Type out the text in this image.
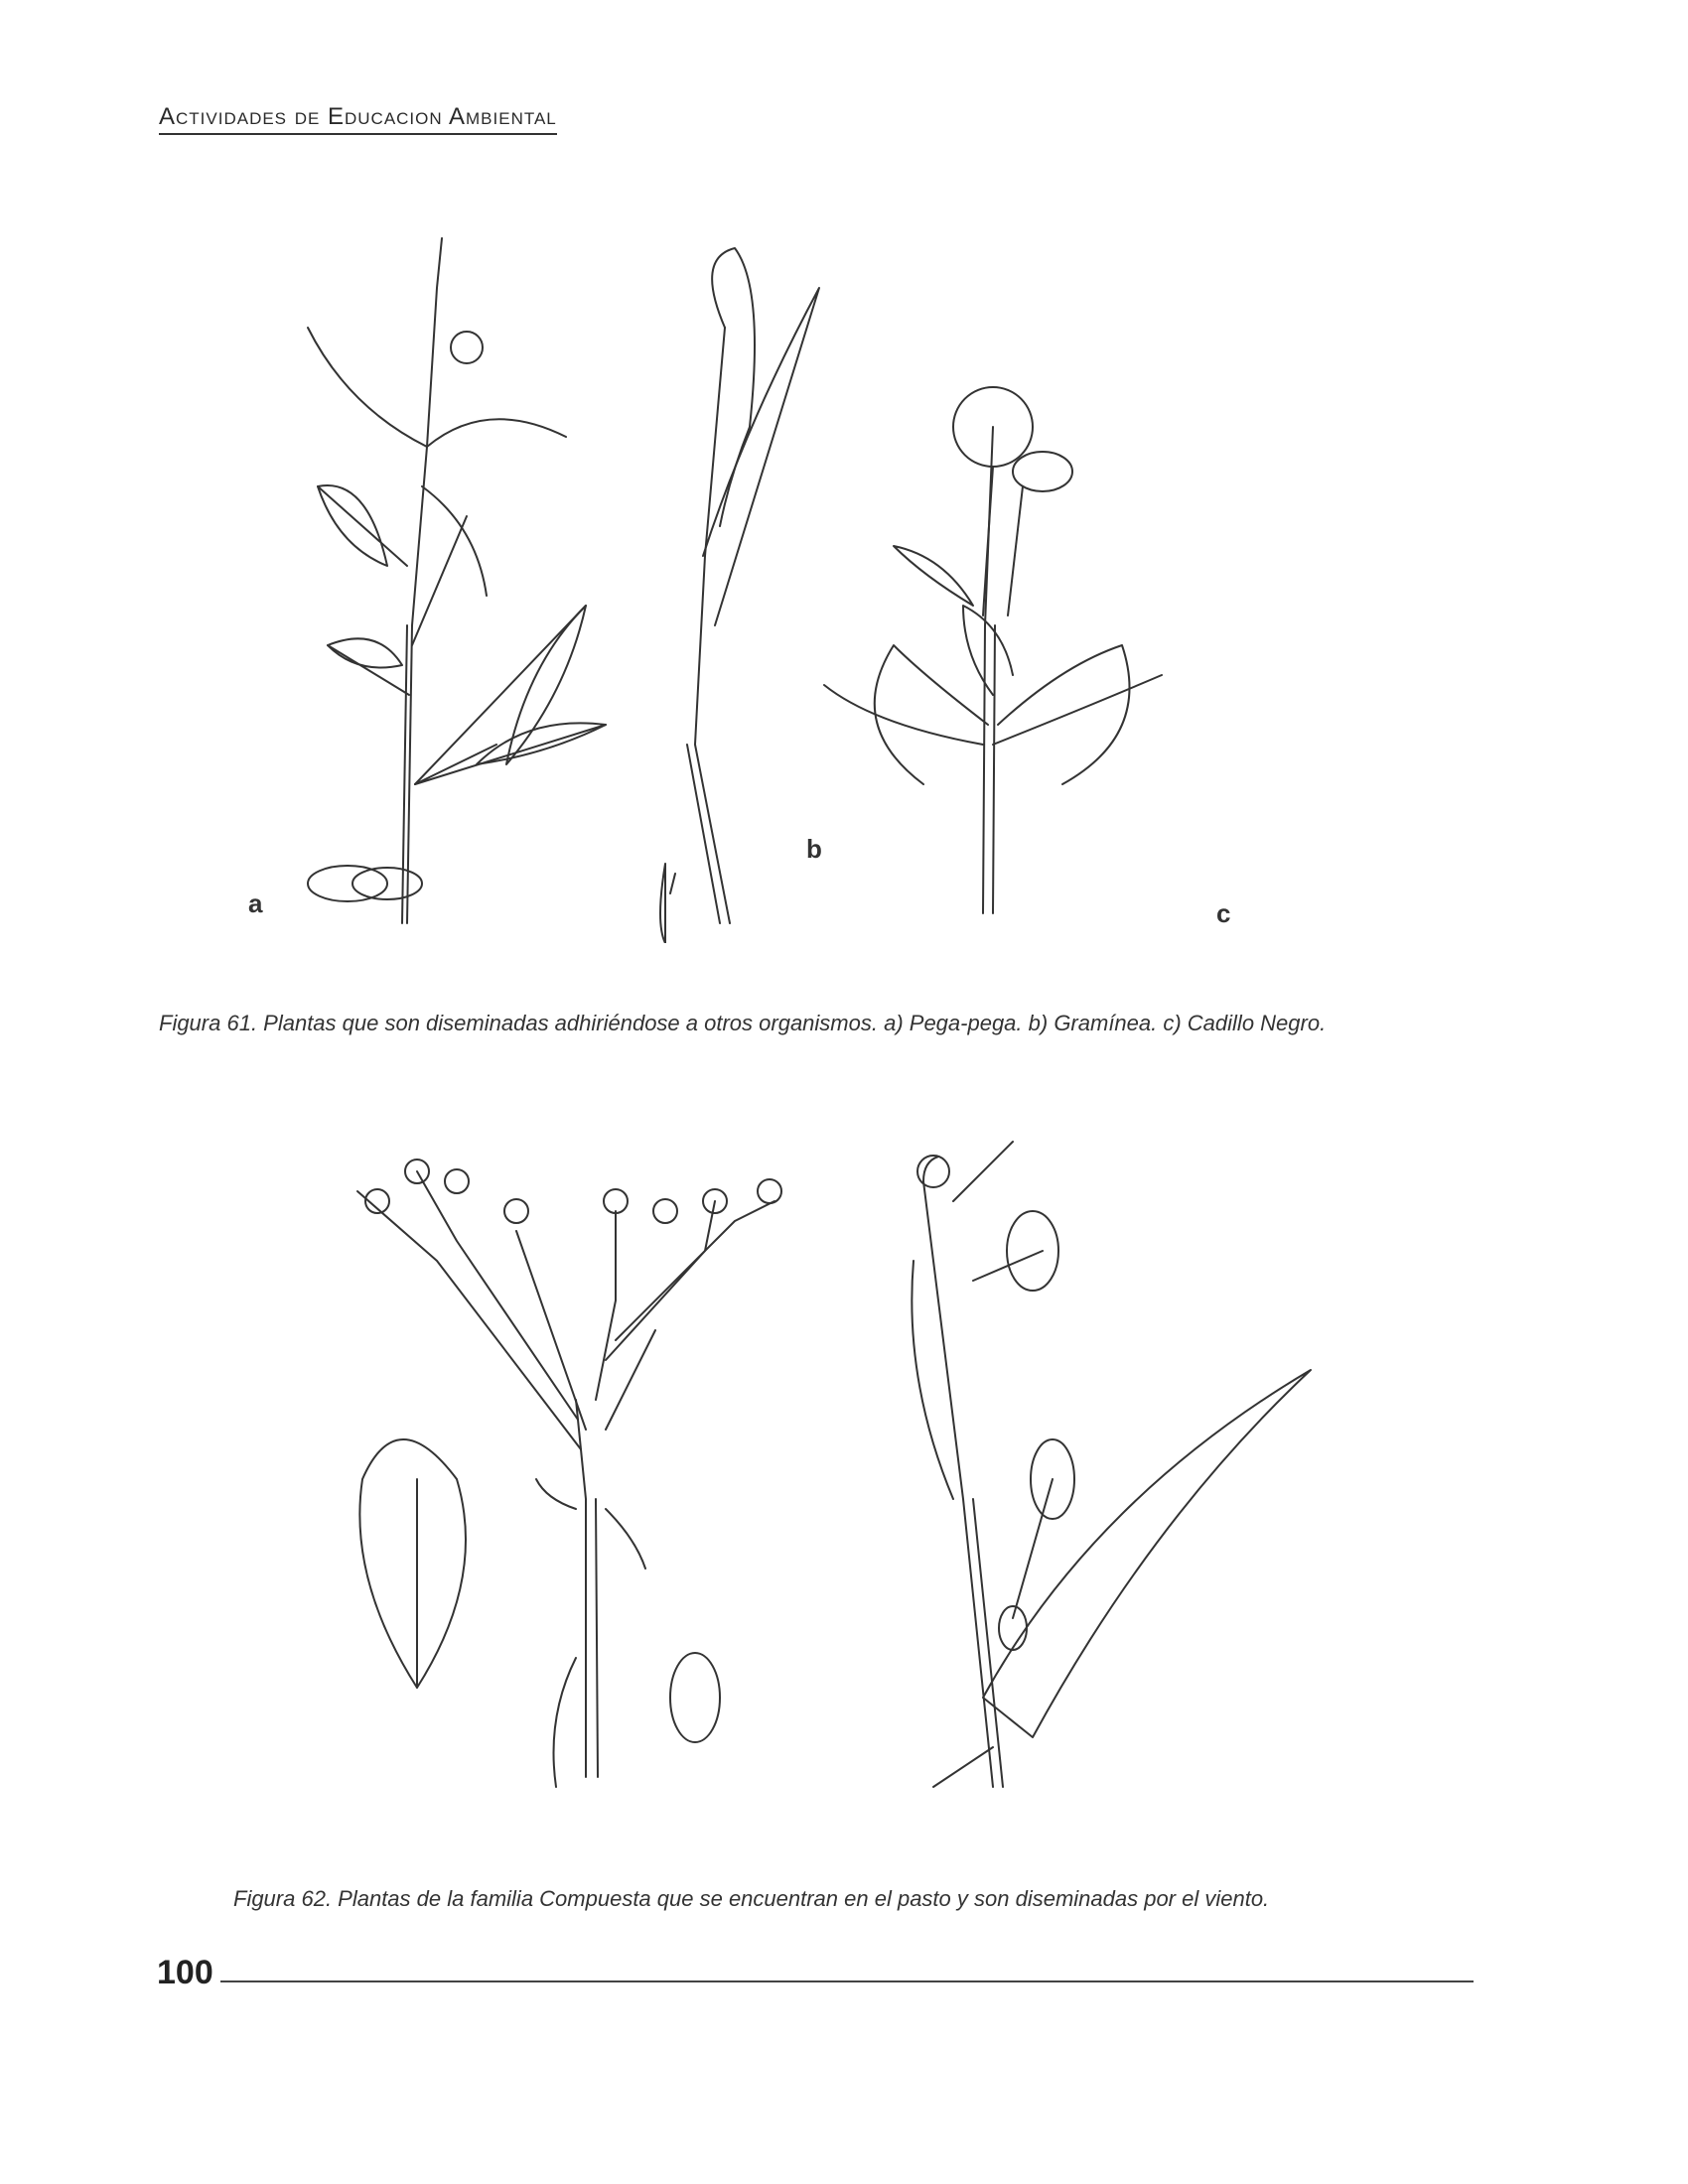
Actividades de Educacion Ambiental
a
b
c
Figura 61. Plantas que son diseminadas adhiriéndose a otros organismos. a) Pega-pega. b) Gramínea. c) Cadillo Negro.
Figura 62. Plantas de la familia Compuesta que se encuentran en el pasto y son diseminadas por el viento.
100
